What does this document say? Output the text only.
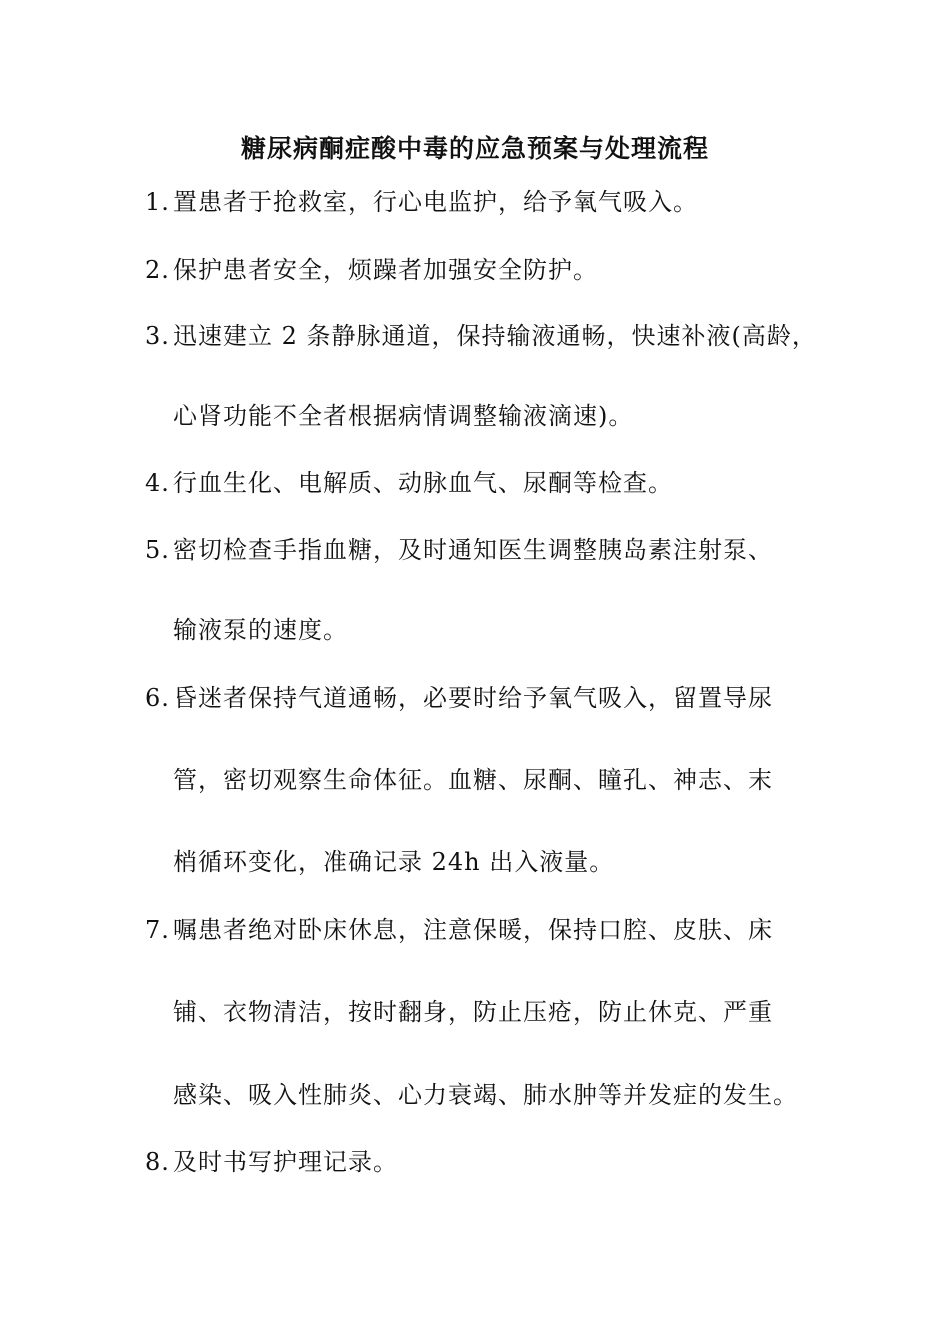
糖尿病酮症酸中毒的应急预案与处理流程
1. 置患者于抢救室，行心电监护，给予氧气吸入。
2. 保护患者安全，烦躁者加强安全防护。
3. 迅速建立 2 条静脉通道，保持输液通畅，快速补液(高龄，
心肾功能不全者根据病情调整输液滴速)。
4. 行血生化、电解质、动脉血气、尿酮等检查。
5. 密切检查手指血糖，及时通知医生调整胰岛素注射泵、
输液泵的速度。
6. 昏迷者保持气道通畅，必要时给予氧气吸入，留置导尿
管，密切观察生命体征。血糖、尿酮、瞳孔、神志、末
梢循环变化，准确记录 24h 出入液量。
7. 嘱患者绝对卧床休息，注意保暖，保持口腔、皮肤、床
铺、衣物清洁，按时翻身，防止压疮，防止休克、严重
感染、吸入性肺炎、心力衰竭、肺水肿等并发症的发生。
8. 及时书写护理记录。
